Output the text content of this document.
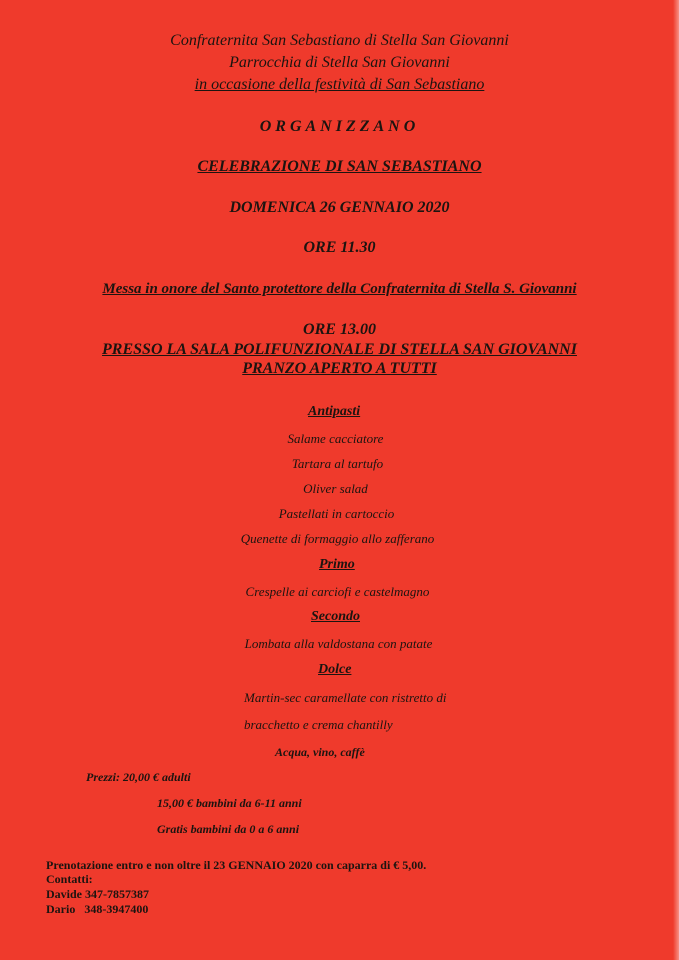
Confraternita San Sebastiano di Stella San Giovanni
Parrocchia di Stella San Giovanni
in occasione della festività di San Sebastiano
ORGANIZZANO
CELEBRAZIONE DI SAN SEBASTIANO
DOMENICA 26 GENNAIO 2020
ORE 11.30
Messa in onore del Santo protettore della Confraternita di Stella S. Giovanni
ORE 13.00
PRESSO LA SALA POLIFUNZIONALE DI STELLA SAN GIOVANNI
PRANZO APERTO A TUTTI
Antipasti
Salame cacciatore
Tartara al tartufo
Oliver salad
Pastellati in cartoccio
Quenette di formaggio allo zafferano
Primo
Crespelle ai carciofi e castelmagno
Secondo
Lombata alla valdostana con patate
Dolce
Martin-sec caramellate con ristretto di
bracchetto e crema chantilly
Acqua, vino, caffè
Prezzi: 20,00 € adulti
15,00 € bambini da 6-11 anni
Gratis bambini da 0 a 6 anni
Prenotazione entro e non oltre il 23 GENNAIO 2020 con caparra di € 5,00.
Contatti:
Davide 347-7857387
Dario   348-3947400
